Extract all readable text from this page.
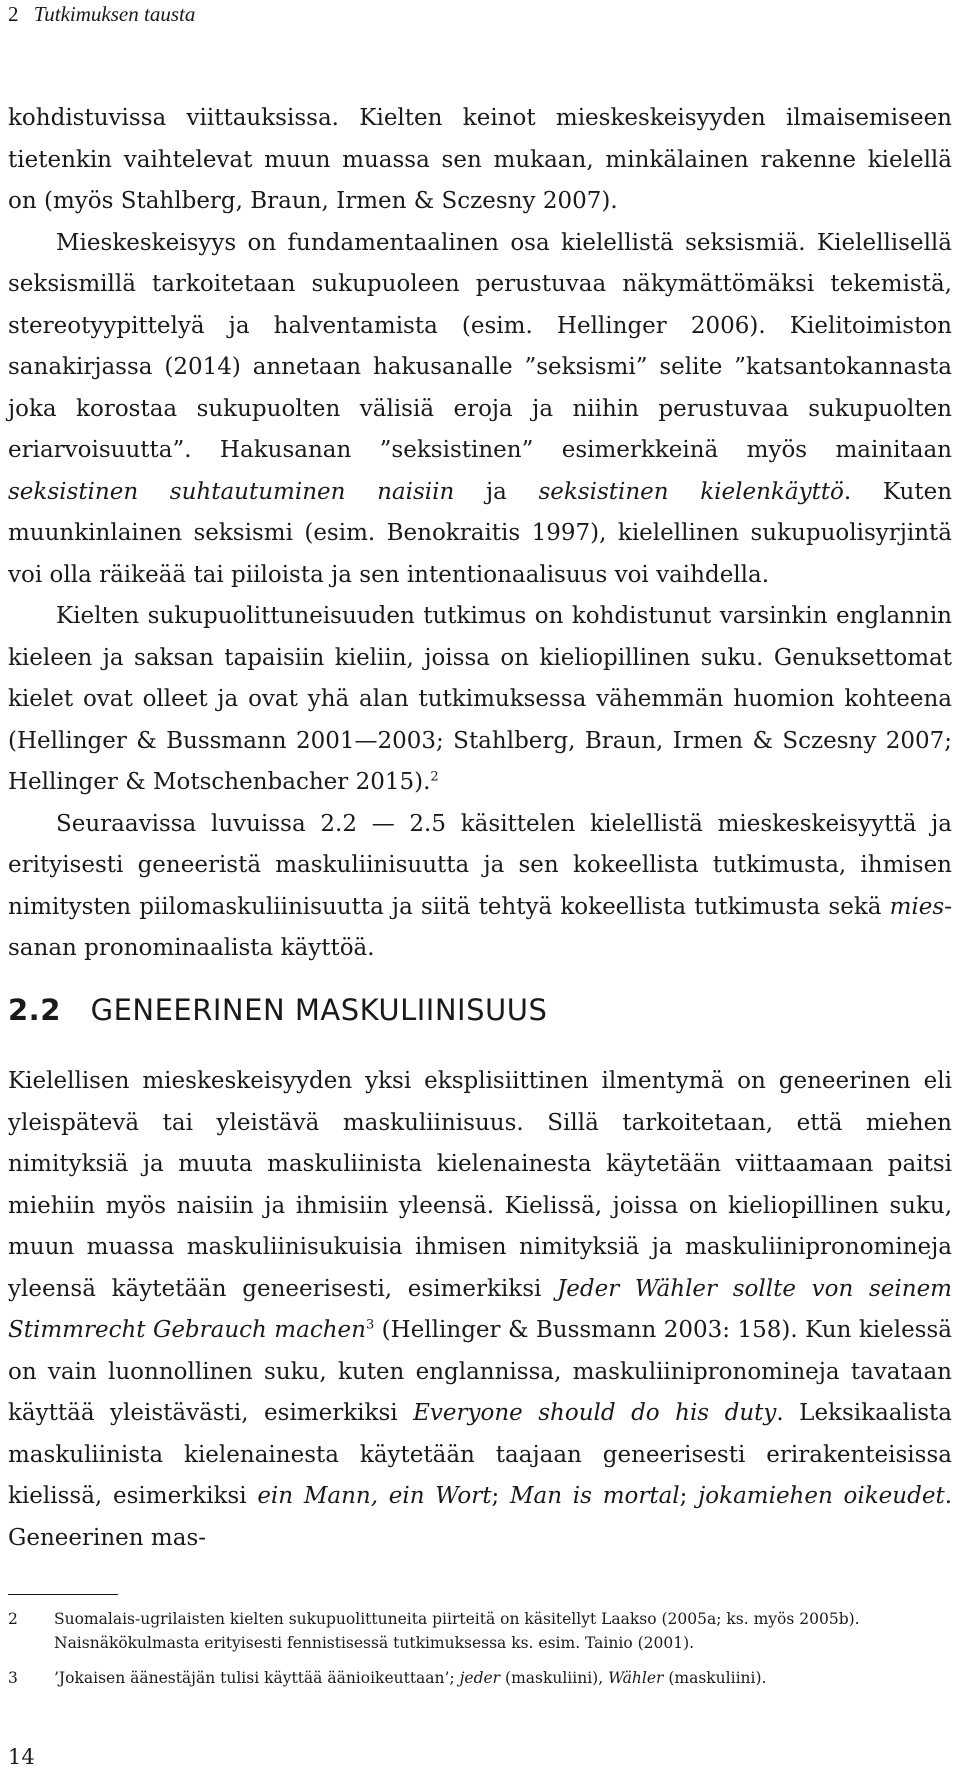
2 Tutkimuksen tausta

kohdistuvissa viittauksissa. Kielten keinot mieskeskeisyyden ilmaisemiseen tietenkin vaihtelevat muun muassa sen mukaan, minkälainen rakenne kielellä on (myös Stahlberg, Braun, Irmen & Sczesny 2007).

Mieskeskeisyys on fundamentaalinen osa kielellistä seksismiä. Kielellisellä seksismillä tarkoitetaan sukupuoleen perustuvaa näkymättömäksi tekemistä, stereotyypittelyä ja halventamista (esim. Hellinger 2006). Kielitoimiston sanakirjassa (2014) annetaan hakusanalle ”seksismi” selite ”katsantokannasta joka korostaa sukupuolten välisiä eroja ja niihin perustuvaa sukupuolten eriarvoisuutta”. Hakusanan ”seksistinen” esimerkkeinä myös mainitaan seksistinen suhtautuminen naisiin ja seksistinen kielenkäyttö. Kuten muunkinlainen seksismi (esim. Benokraitis 1997), kielellinen sukupuolisyrjintä voi olla räikeää tai piiloista ja sen intentionaalisuus voi vaihdella.

Kielten sukupuolittuneisuuden tutkimus on kohdistunut varsinkin englannin kieleen ja saksan tapaisiin kieliin, joissa on kieliopillinen suku. Genuksettomat kielet ovat olleet ja ovat yhä alan tutkimuksessa vähemmän huomion kohteena (Hellinger & Bussmann 2001—2003; Stahlberg, Braun, Irmen & Sczesny 2007; Hellinger & Motschenbacher 2015).$^2$

Seuraavissa luvuissa 2.2 — 2.5 käsittelen kielellistä mieskeskeisyyttä ja erityisesti geneeristä maskuliinisuutta ja sen kokeellista tutkimusta, ihmisen nimitysten piilomaskuliinisuutta ja siitä tehtyä kokeellista tutkimusta sekä mies-sanan pronominaalista käyttöä.

2.2 GENEERINEN MASKULIINISUUS

Kielellisen mieskeskeisyyden yksi eksplisiittinen ilmentymä on geneerinen eli yleispätevä tai yleistävä maskuliinisuus. Sillä tarkoitetaan, että miehen nimityksiä ja muuta maskuliinista kielenainesta käytetään viittaamaan paitsi miehiin myös naisiin ja ihmisiin yleensä. Kielissä, joissa on kieliopillinen suku, muun muassa maskuliinisukuisia ihmisen nimityksiä ja maskuliinipronomineja yleensä käytetään geneerisesti, esimerkiksi Jeder Wähler sollte von seinem Stimmrecht Gebrauch machen$^3$ (Hellinger & Bussmann 2003: 158). Kun kielessä on vain luonnollinen suku, kuten englannissa, maskuliinipronomineja tavataan käyttää yleistävästi, esimerkiksi Everyone should do his duty. Leksikaalista maskuliinista kielenainesta käytetään taajaan geneerisesti erirakenteisissa kielissä, esimerkiksi ein Mann, ein Wort; Man is mortal; jokamiehen oikeudet. Geneerinen mas-

2	Suomalais-ugrilaisten kielten sukupuolittuneita piirteitä on käsitellyt Laakso (2005a; ks. myös 2005b). Naisnäkökulmasta erityisesti fennistisessä tutkimuksessa ks. esim. Tainio (2001).
3	’Jokaisen äänestäjän tulisi käyttää äänioikeuttaan’; jeder (maskuliini), Wähler (maskuliini).
14
